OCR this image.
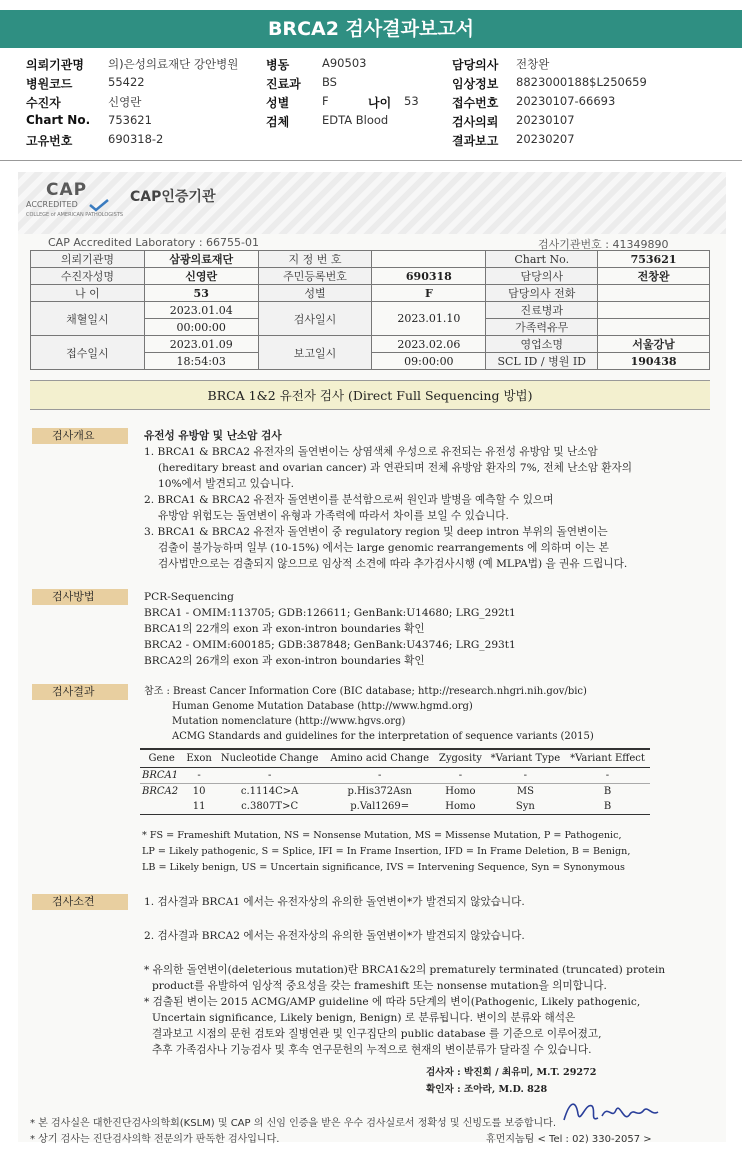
BRCA2 검사결과보고서
의뢰기관명 의)은성의료재단 강안병원 병동	A90503	담당의사 전창완
병원코드	55422	진료과 BS	임상정보 8823000188$L250659
수진자	신영란	성별	F	나이 53	접수번호 20230107-66693
Chart No. 753621	검체	EDTA Blood	검사의뢰 20230107
고유번호	690318-2	결과보고 20230207
CAP
ACCREDITED
COLLEGE of AMERICAN PATHOLOGISTS
CAP인증기관
CAP Accredited Laboratory : 66755-01	검사기관번호 : 41349890
의뢰기관명	삼광의료재단	지 정 번 호		Chart No.	753621
수진자성명	신영란	주민등록번호	690318	담당의사	전창완
나 이	53	성별	F	담당의사 전화	
채혈일시	2023.01.04	검사일시	2023.01.10	진료병과	
	00:00:00			가족력유무	
접수일시	2023.01.09	보고일시	2023.02.06	영업소명	서울강남
	18:54:03		09:00:00	SCL ID / 병원 ID	190438
BRCA 1&2 유전자 검사 (Direct Full Sequencing 방법)
검사개요	유전성 유방암 및 난소암 검사
1. BRCA1 & BRCA2 유전자의 돌연변이는 상염색체 우성으로 유전되는 유전성 유방암 및 난소암
(hereditary breast and ovarian cancer) 과 연관되며 전체 유방암 환자의 7%, 전체 난소암 환자의
10%에서 발견되고 있습니다.
2. BRCA1 & BRCA2 유전자 돌연변이를 분석함으로써 원인과 발병을 예측할 수 있으며
유방암 위험도는 돌연변이 유형과 가족력에 따라서 차이를 보일 수 있습니다.
3. BRCA1 & BRCA2 유전자 돌연변이 중 regulatory region 및 deep intron 부위의 돌연변이는
검출이 불가능하며 일부 (10-15%) 에서는 large genomic rearrangements 에 의하며 이는 본
검사법만으로는 검출되지 않으므로 임상적 소견에 따라 추가검사시행 (예 MLPA법) 을 권유 드립니다.
검사방법	PCR-Sequencing
BRCA1 - OMIM:113705; GDB:126611; GenBank:U14680; LRG_292t1
BRCA1의 22개의 exon 과 exon-intron boundaries 확인
BRCA2 - OMIM:600185; GDB:387848; GenBank:U43746; LRG_293t1
BRCA2의 26개의 exon 과 exon-intron boundaries 확인
검사결과	참조 : Breast Cancer Information Core (BIC database; http://research.nhgri.nih.gov/bic)
Human Genome Mutation Database (http://www.hgmd.org)
Mutation nomenclature (http://www.hgvs.org)
ACMG Standards and guidelines for the interpretation of sequence variants (2015)
Gene	Exon	Nucleotide Change	Amino acid Change	Zygosity	*Variant Type	*Variant Effect
BRCA1	-	-	-	-	-	-
BRCA2	10	c.1114C>A	p.His372Asn	Homo	MS	B
	11	c.3807T>C	p.Val1269=	Homo	Syn	B
* FS = Frameshift Mutation, NS = Nonsense Mutation, MS = Missense Mutation, P = Pathogenic,
LP = Likely pathogenic, S = Splice, IFI = In Frame Insertion, IFD = In Frame Deletion, B = Benign,
LB = Likely benign, US = Uncertain significance, IVS = Intervening Sequence, Syn = Synonymous
검사소견	1. 검사결과 BRCA1 에서는 유전자상의 유의한 돌연변이*가 발견되지 않았습니다.
2. 검사결과 BRCA2 에서는 유전자상의 유의한 돌연변이*가 발견되지 않았습니다.
* 유의한 돌연변이(deleterious mutation)란 BRCA1&2의 prematurely terminated (truncated) protein
product를 유발하여 임상적 중요성을 갖는 frameshift 또는 nonsense mutation을 의미합니다.
* 검출된 변이는 2015 ACMG/AMP guideline 에 따라 5단계의 변이(Pathogenic, Likely pathogenic,
Uncertain significance, Likely benign, Benign) 로 분류됩니다. 변이의 분류와 해석은
결과보고 시점의 문헌 검토와 질병연관 및 인구집단의 public database 를 기준으로 이루어졌고,
추후 가족검사나 기능검사 및 후속 연구문헌의 누적으로 현재의 변이분류가 달라질 수 있습니다.
검사자 : 박진희 / 최유미, M.T. 29272
확인자 : 조아라, M.D. 828
* 본 검사실은 대한진단검사의학회(KSLM) 및 CAP 의 신임 인증을 받은 우수 검사실로서 정확성 및 신빙도를 보증합니다.
* 상기 검사는 진단검사의학 전문의가 판독한 검사입니다.	휴먼지놈팀 < Tel : 02) 330-2057 >
